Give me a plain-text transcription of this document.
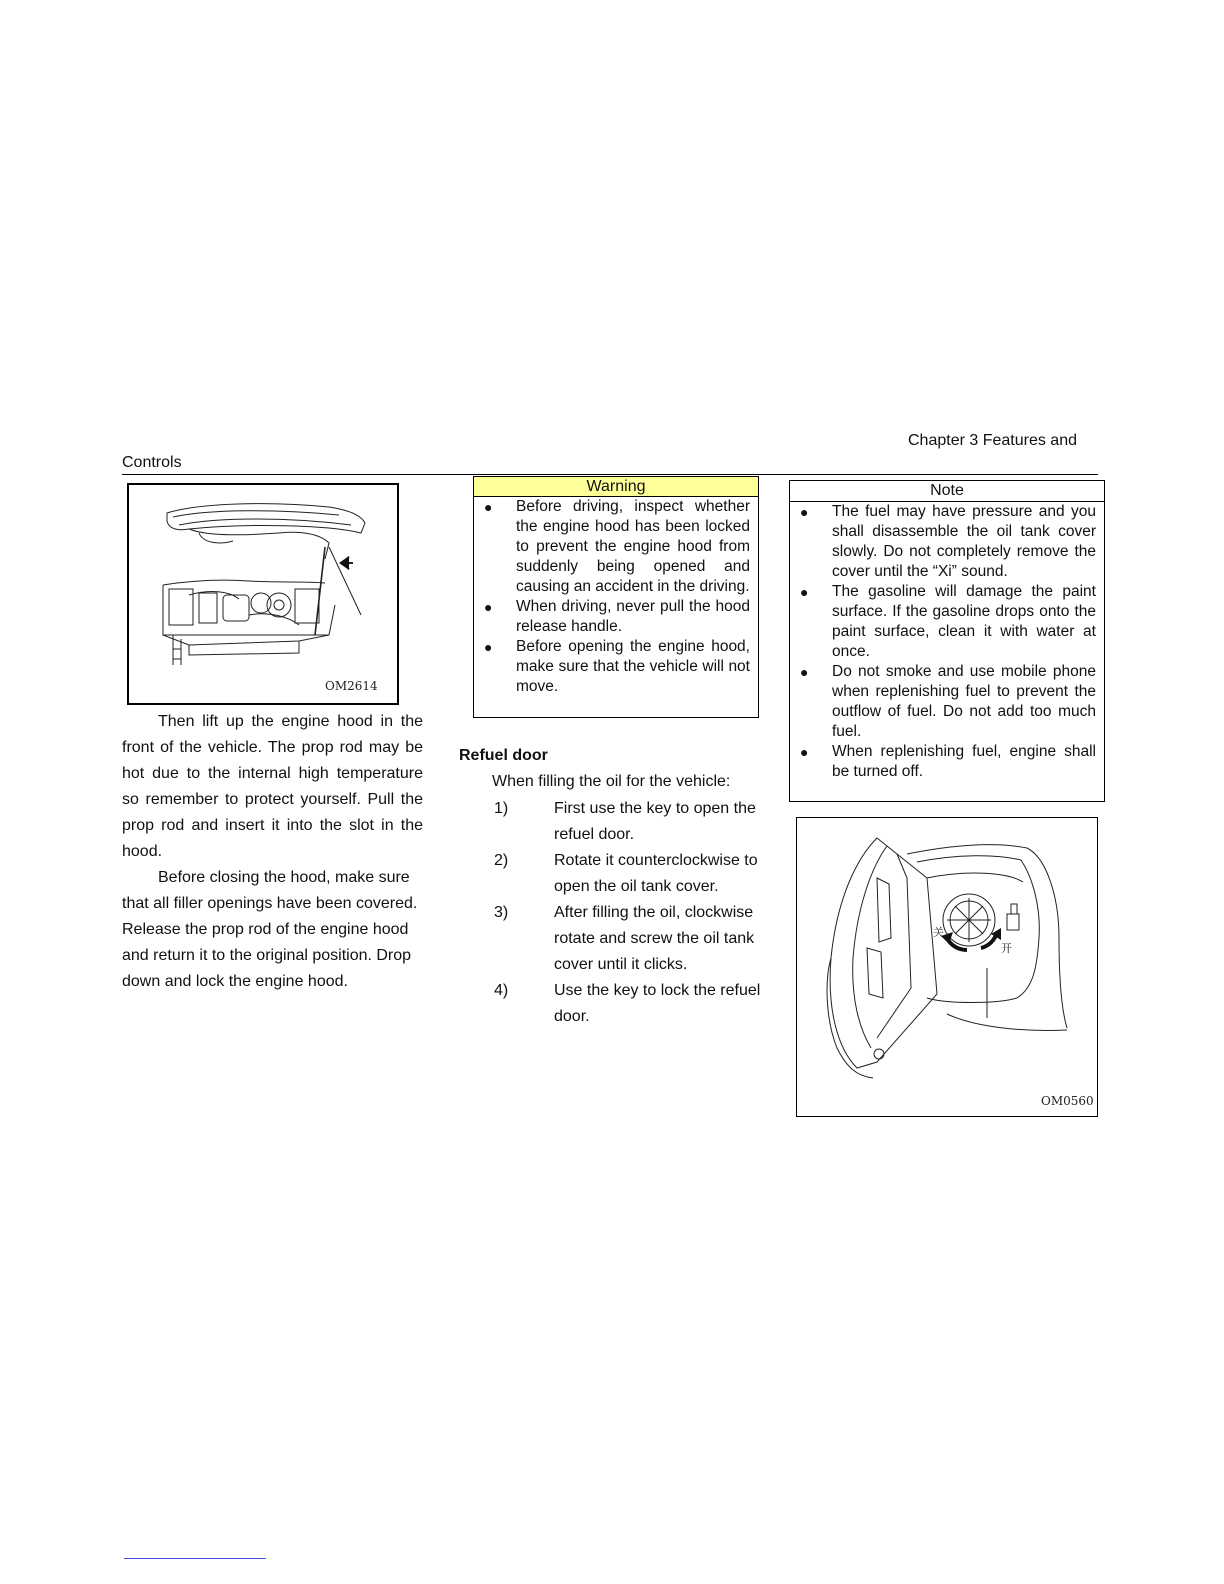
Chapter 3 Features and
Controls
OM2614

Then lift up the engine hood in the front of the vehicle. The prop rod may be hot due to the internal high temperature so remember to protect yourself. Pull the prop rod and insert it into the slot in the hood.

Before closing the hood, make sure that all filler openings have been covered. Release the prop rod of the engine hood and return it to the original position. Drop down and lock the engine hood.

Warning
● Before driving, inspect whether the engine hood has been locked to prevent the engine hood from suddenly being opened and causing an accident in the driving.
● When driving, never pull the hood release handle.
● Before opening the engine hood, make sure that the vehicle will not move.
Refuel door
When filling the oil for the vehicle:
1)	First use the key to open the refuel door.
2)	Rotate it counterclockwise to open the oil tank cover.
3)	After filling the oil, clockwise rotate and screw the oil tank cover until it clicks.
4)	Use the key to lock the refuel door.
Note
● The fuel may have pressure and you shall disassemble the oil tank cover slowly. Do not completely remove the cover until the “Xi” sound.
● The gasoline will damage the paint surface. If the gasoline drops onto the paint surface, clean it with water at once.
● Do not smoke and use mobile phone when replenishing fuel to prevent the outflow of fuel. Do not add too much fuel.
● When replenishing fuel, engine shall be turned off.
关
开
OM0560
